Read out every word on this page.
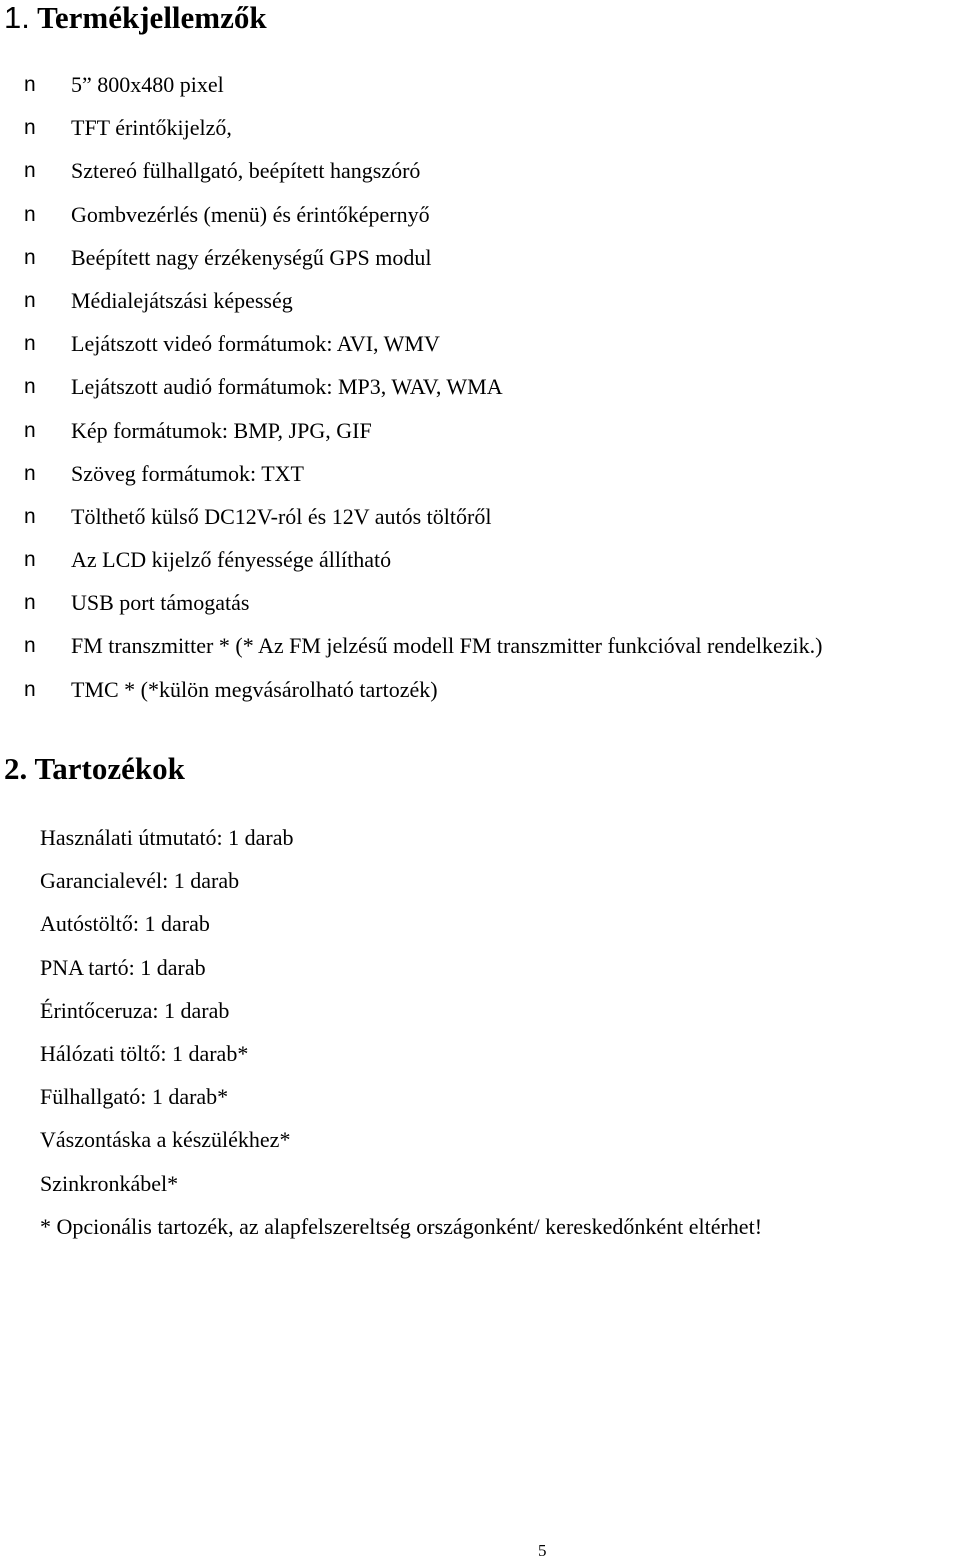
1. Termékjellemzők
n 5” 800x480 pixel
n TFT érintőkijelző,
n Sztereó fülhallgató, beépített hangszóró
n Gombvezérlés (menü) és érintőképernyő
n Beépített nagy érzékenységű GPS modul
n Médialejátszási képesség
n Lejátszott videó formátumok: AVI, WMV
n Lejátszott audió formátumok: MP3, WAV, WMA
n Kép formátumok: BMP, JPG, GIF
n Szöveg formátumok: TXT
n Tölthető külső DC12V-ról és 12V autós töltőről
n Az LCD kijelző fényessége állítható
n USB port támogatás
n FM transzmitter * (* Az FM jelzésű modell FM transzmitter funkcióval rendelkezik.)
n TMC * (*külön megvásárolható tartozék)
2. Tartozékok
Használati útmutató: 1 darab
Garancialevél: 1 darab
Autóstöltő: 1 darab
PNA tartó: 1 darab
Érintőceruza: 1 darab
Hálózati töltő: 1 darab*
Fülhallgató: 1 darab*
Vászontáska a készülékhez*
Szinkronkábel*
* Opcionális tartozék, az alapfelszereltség országonként/ kereskedőnként eltérhet!
5
